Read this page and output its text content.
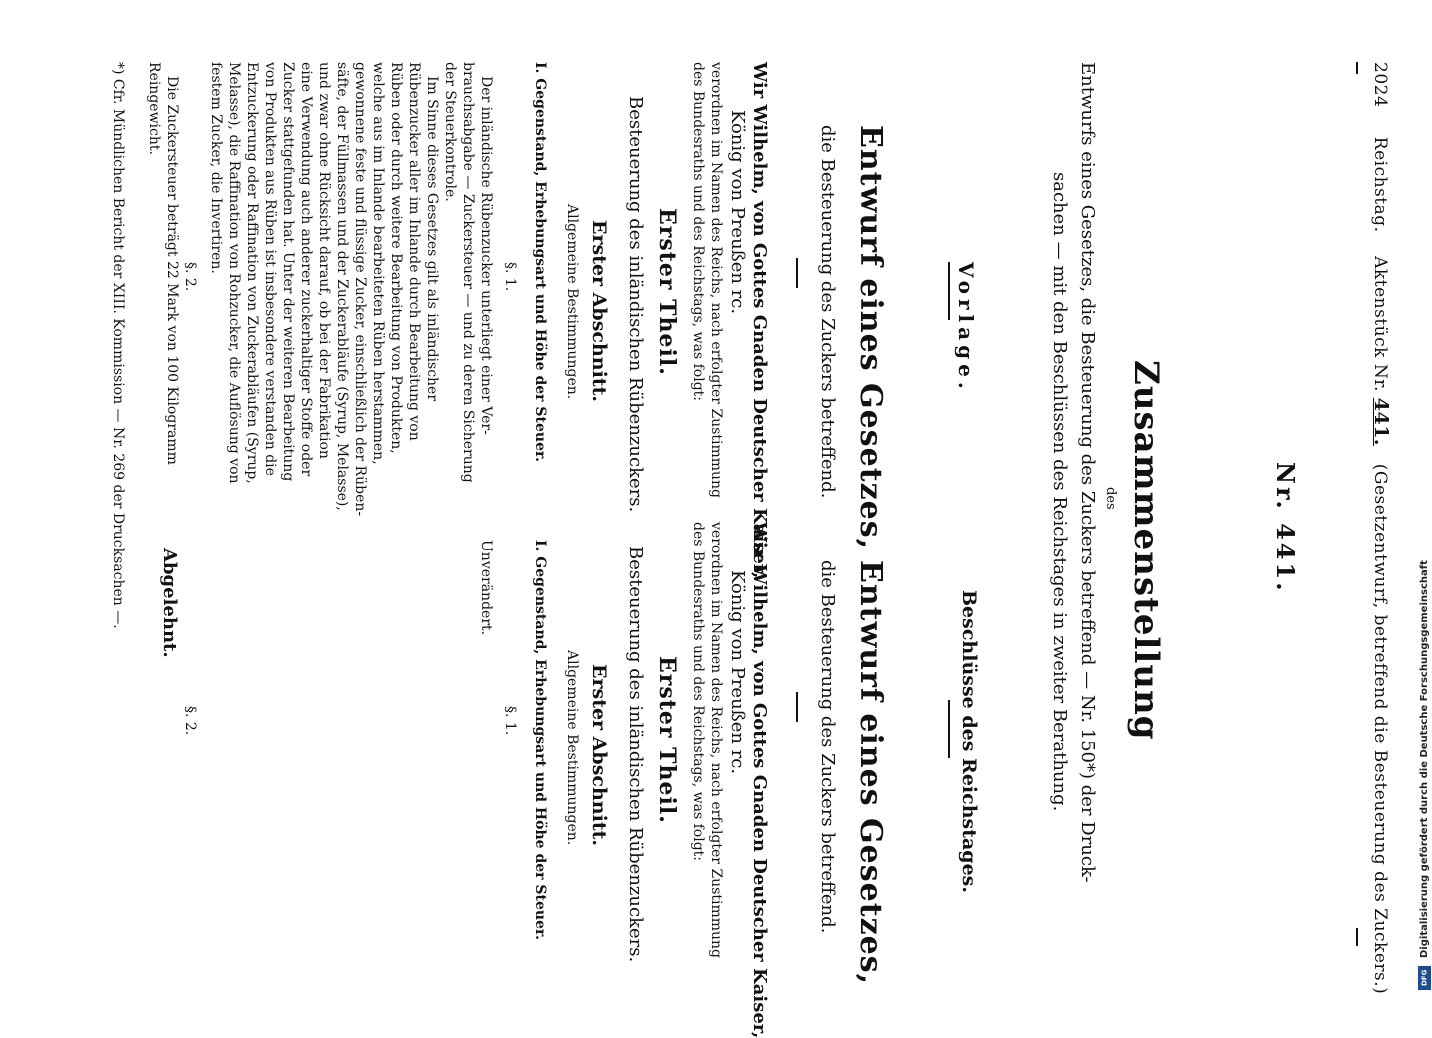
2024     Reichstag.    Aktenstück Nr. 441.   (Gesetzentwurf, betreffend die Besteuerung des Zuckers.)
Nr. 441.
Zusammenstellung
des
Entwurfs eines Gesetzes, die Besteuerung des Zuckers betreffend — Nr. 150*) der Druck-
sachen — mit den Beschlüssen des Reichstages in zweiter Berathung.
Vorlage.
Beschlüsse des Reichstages.
Entwurf eines Gesetzes,
die Besteuerung des Zuckers betreffend.
Wir Wilhelm, von Gottes Gnaden Deutscher Kaiser,
König von Preußen rc.
verordnen im Namen des Reichs, nach erfolgter Zustimmung
des Bundesraths und des Reichstags, was folgt:
Erster Theil.
Besteuerung des inländischen Rübenzuckers.
Erster Abschnitt.
Allgemeine Bestimmungen.
I. Gegenstand, Erhebungsart und Höhe der Steuer.
§. 1.
Der inländische Rübenzucker unterliegt einer Ver-
brauchsabgabe — Zuckersteuer — und zu deren Sicherung
der Steuerkontrole.
Im Sinne dieses Gesetzes gilt als inländischer
Rübenzucker aller im Inlande durch Bearbeitung von
Rüben oder durch weitere Bearbeitung von Produkten,
welche aus im Inlande bearbeiteten Rüben herstammen,
gewonnene feste und flüssige Zucker, einschließlich der Rüben-
säfte, der Füllmassen und der Zuckerabläufe (Syrup, Melasse),
und zwar ohne Rücksicht darauf, ob bei der Fabrikation
eine Verwendung auch anderer zuckerhaltiger Stoffe oder
Zucker stattgefunden hat. Unter der weiteren Bearbeitung
von Produkten aus Rüben ist insbesondere verstanden die
Entzuckerung oder Raffination von Zuckerabläufen (Syrup,
Melasse), die Raffination von Rohzucker, die Auflösung von
festem Zucker, die Invertiren.
§. 2.
Die Zuckersteuer beträgt 22 Mark von 100 Kilogramm
Reingewicht.
Entwurf eines Gesetzes,
die Besteuerung des Zuckers betreffend.
Wir Wilhelm, von Gottes Gnaden Deutscher Kaiser,
König von Preußen rc.
verordnen im Namen des Reichs, nach erfolgter Zustimmung
des Bundesraths und des Reichstags, was folgt:
Erster Theil.
Besteuerung des inländischen Rübenzuckers.
Erster Abschnitt.
Allgemeine Bestimmungen.
I. Gegenstand, Erhebungsart und Höhe der Steuer.
§. 1.
Unverändert.
§. 2.
Abgelehnt.
*) Cfr. Mündlichen Bericht der XIII. Kommission — Nr. 269 der Drucksachen —.
Digitalisierung gefördert durch die Deutsche Forschungsgemeinschaft
DFG
